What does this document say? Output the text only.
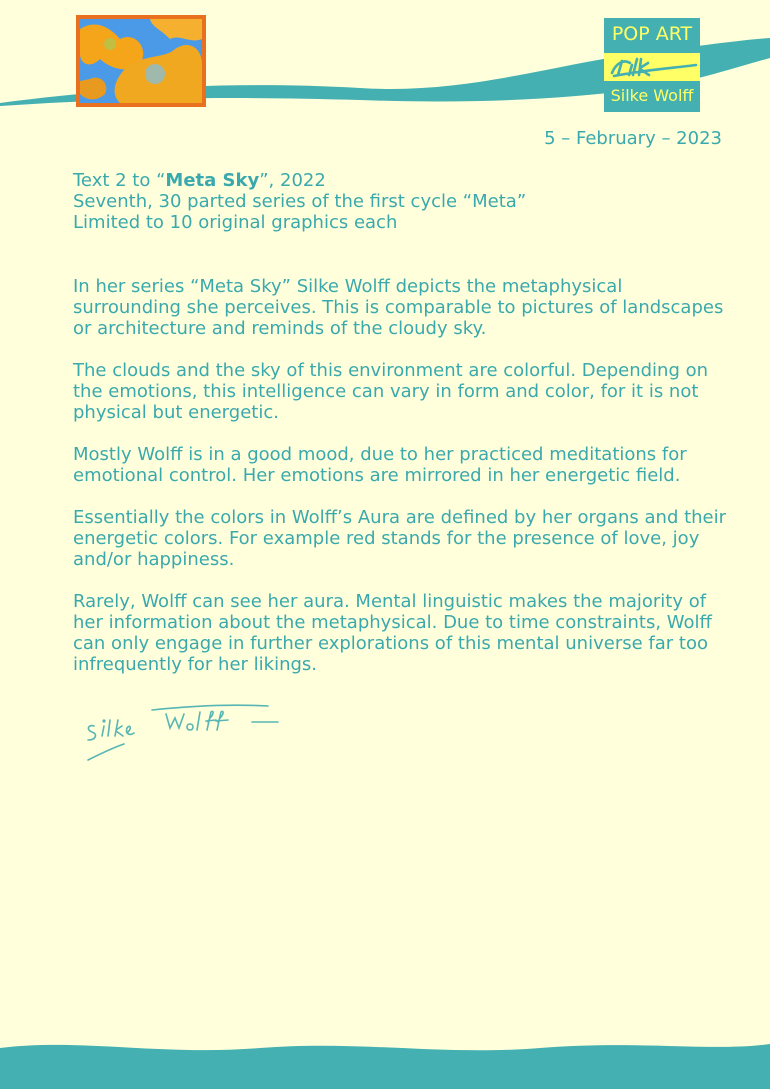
POP ART
Silke Wolff
5 – February – 2023
Text 2 to “Meta Sky”, 2022
Seventh, 30 parted series of the first cycle “Meta”
Limited to 10 original graphics each

In her series “Meta Sky” Silke Wolff depicts the metaphysical surrounding she perceives. This is comparable to pictures of landscapes or architecture and reminds of the cloudy sky.

The clouds and the sky of this environment are colorful. Depending on the emotions, this intelligence can vary in form and color, for it is not physical but energetic.

Mostly Wolff is in a good mood, due to her practiced meditations for emotional control. Her emotions are mirrored in her energetic field.

Essentially the colors in Wolff’s Aura are defined by her organs and their energetic colors. For example red stands for the presence of love, joy and/or happiness.

Rarely, Wolff can see her aura. Mental linguistic makes the majority of her information about the metaphysical. Due to time constraints, Wolff can only engage in further explorations of this mental universe far too infrequently for her likings.
